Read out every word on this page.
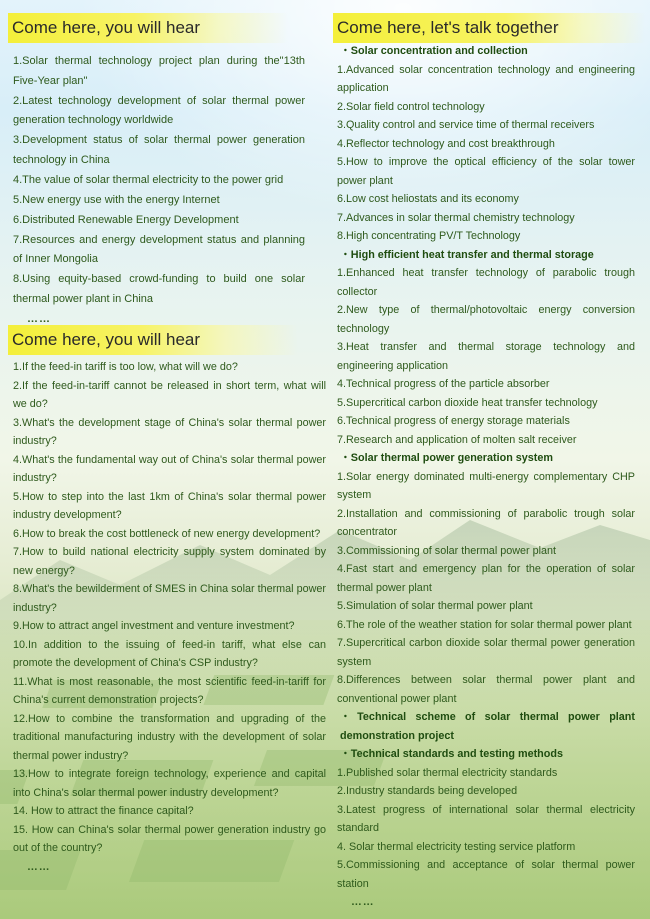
Come here, you will hear	Come here, let's talk together
Come here, you will hear

1.Solar thermal technology project plan during the"13th Five-Year plan"

2.Latest technology development of solar thermal power generation technology worldwide

3.Development status of solar thermal power generation technology in China

4.The value of solar thermal electricity to the power grid

5.New energy use with the energy Internet

6.Distributed Renewable Energy Development

7.Resources and energy development status and planning of Inner Mongolia

8.Using equity-based crowd-funding to build one solar thermal power plant in China

……

1.If the feed-in tariff is too low, what will we do?

2.If the feed-in-tariff cannot be released in short term, what will we do?

3.What's the development stage of China's solar thermal power industry?

4.What's the fundamental way out of China's solar thermal power industry?

5.How to step into the last 1km of China's solar thermal power industry development?

6.How to break the cost bottleneck of new energy development?

7.How to build national electricity supply system dominated by new energy?

8.What's the bewilderment of SMES in China solar thermal power industry?

9.How to attract angel investment and venture investment?

10.In addition to the issuing of feed-in tariff, what else can promote the development of China's CSP industry?

11.What is most reasonable, the most scientific feed-in-tariff for China's current demonstration projects?

12.How to combine the transformation and upgrading of the traditional manufacturing industry with the development of solar thermal power industry?

13.How to integrate foreign technology, experience and capital into China's solar thermal power industry development?

14. How to attract the finance capital?

15. How can China's solar thermal power generation industry go out of the country?

……

・Solar concentration and collection

1.Advanced solar concentration technology and engineering application

2.Solar field control technology

3.Quality control and service time of thermal receivers

4.Reflector technology and cost breakthrough

5.How to improve the optical efficiency of the solar tower power plant

6.Low cost heliostats and its economy

7.Advances in solar thermal chemistry technology

8.High concentrating PV/T Technology

・High efficient heat transfer and thermal storage

1.Enhanced heat transfer technology of parabolic trough collector

2.New type of thermal/photovoltaic energy conversion technology

3.Heat transfer and thermal storage technology and engineering application

4.Technical progress of the particle absorber

5.Supercritical carbon dioxide heat transfer technology

6.Technical progress of energy storage materials

7.Research and application of molten salt receiver

・Solar thermal power generation system

1.Solar energy dominated multi-energy complementary CHP system

2.Installation and commissioning of parabolic trough solar concentrator

3.Commissioning of solar thermal power plant

4.Fast start and emergency plan for the operation of solar thermal power plant

5.Simulation of solar thermal power plant

6.The role of the weather station for solar thermal power plant

7.Supercritical carbon dioxide solar thermal power generation system

8.Differences between solar thermal power plant and conventional power plant

・Technical scheme of solar thermal power plant demonstration project

・Technical standards and testing methods

1.Published solar thermal electricity standards

2.Industry standards being developed

3.Latest progress of international solar thermal electricity standard

4. Solar thermal electricity testing service platform

5.Commissioning and acceptance of solar thermal power station

……
